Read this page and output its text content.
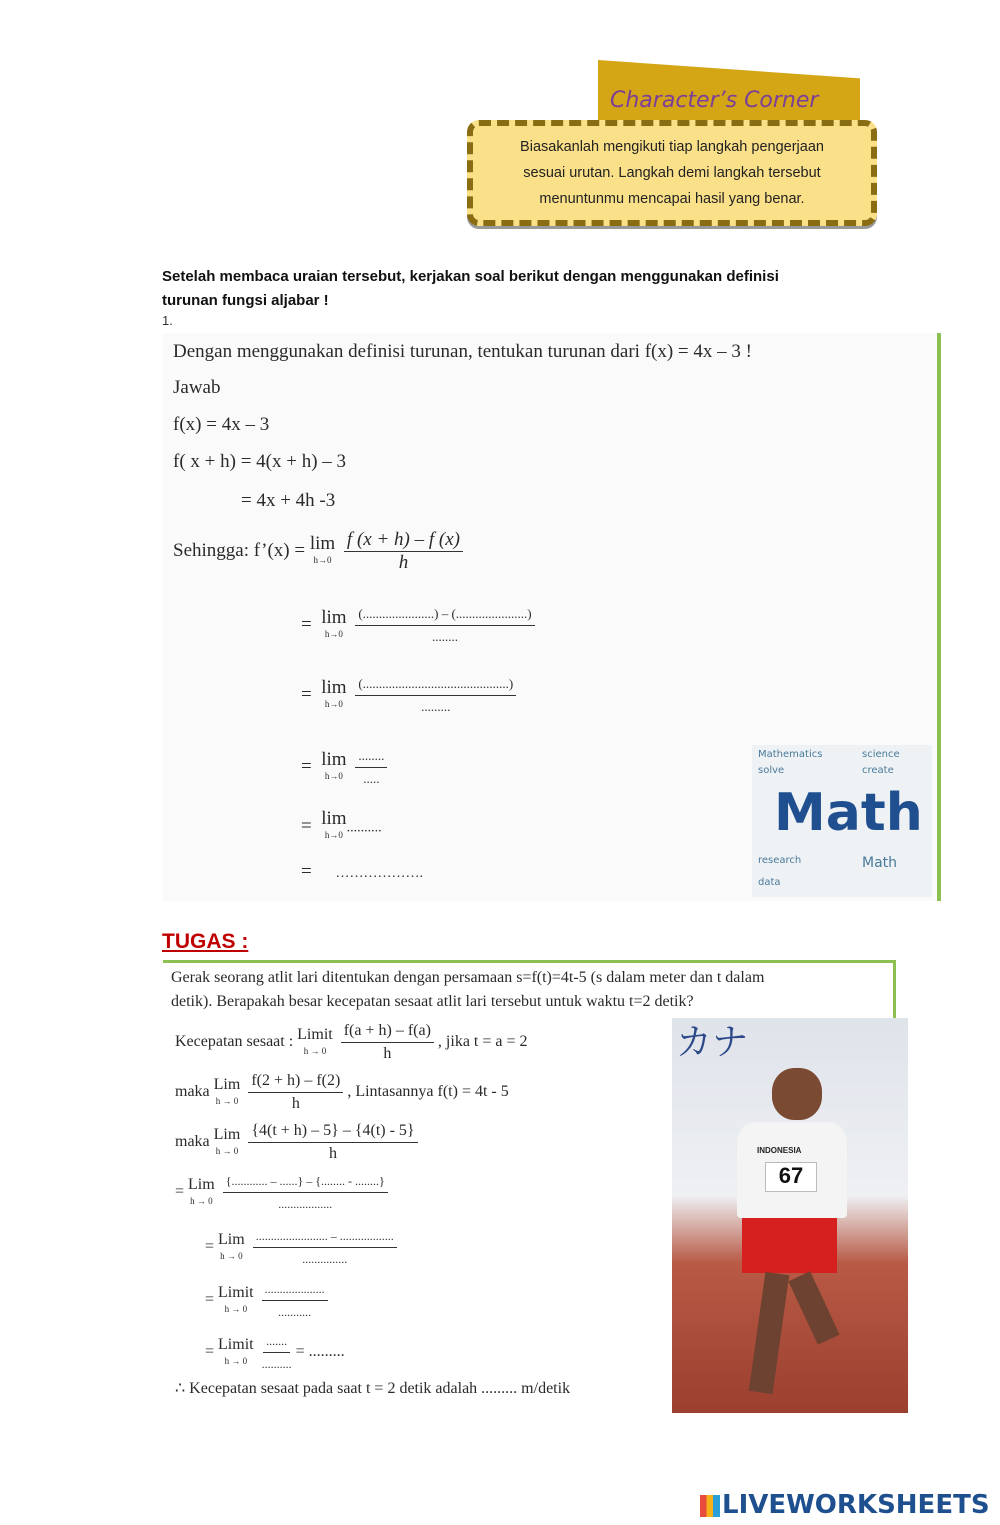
Character’s Corner
Biasakanlah mengikuti tiap langkah pengerjaan
sesuai urutan. Langkah demi langkah tersebut
menuntunmu mencapai hasil yang benar.
Setelah membaca uraian tersebut, kerjakan soal berikut dengan menggunakan definisi
turunan fungsi aljabar !
1.
Dengan menggunakan definisi turunan, tentukan turunan dari f(x) = 4x – 3 !
Jawab
f(x) = 4x – 3
f( x + h) = 4(x + h) – 3
= 4x + 4h -3
Sehingga: f’(x) = lim
h→0
$\frac{f (x + h) - f (x)}{h}$
= lim
h→0
$\frac{(......................) - (......................)}{........}$
= lim
h→0
$\frac{(.............................................)}{.........}$
= lim
h→0
$\frac{........}{.....}$
= lim
h→0 ..........
= ……………….
Mathematics	science
solve	create
Math
research	Math
data
TUGAS :
Gerak seorang atlit lari ditentukan dengan persamaan s=f(t)=4t-5 (s dalam meter dan t dalam
detik). Berapakah besar kecepatan sesaat atlit lari tersebut untuk waktu t=2 detik?
Kecepatan sesaat : Limit
h → 0
$\frac{f(a + h) - f(a)}{h}$ , jika t = a = 2
maka Lim
h → 0
$\frac{f(2 + h) - f(2)}{h}$ , Lintasannya f(t) = 4t - 5
maka Lim
h → 0
$\frac{\{4(t + h) - 5\} - \{4(t) - 5\}}{h}$
= Lim
h → 0
$\frac{\{............ - ......\} - \{........ - ........\}}{..................}$
= Lim
h → 0
$\frac{........................ - ..................}{...............}$
= Limit
h → 0
$\frac{....................}{...........}$
= Limit
h → 0
$\frac{.......}{..........}$ = .........
∴ Kecepatan sesaat pada saat t = 2 detik adalah ......... m/detik
カナ
INDONESIA
67
LIVEWORKSHEETS
